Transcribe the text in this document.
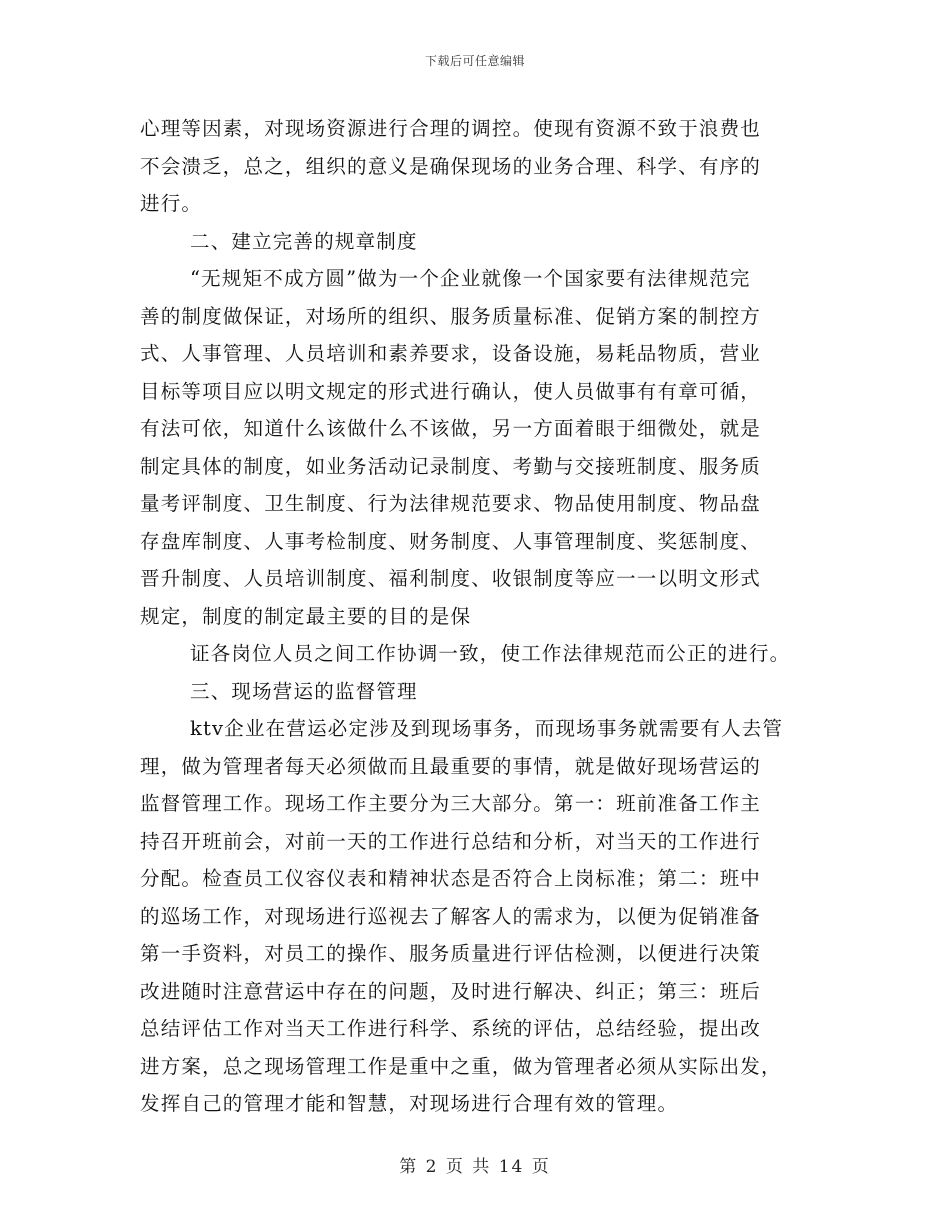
下载后可任意编辑
心理等因素，对现场资源进行合理的调控。使现有资源不致于浪费也
不会溃乏，总之，组织的意义是确保现场的业务合理、科学、有序的
进行。
二、建立完善的规章制度
“无规矩不成方圆”做为一个企业就像一个国家要有法律规范完
善的制度做保证，对场所的组织、服务质量标准、促销方案的制控方
式、人事管理、人员培训和素养要求，设备设施，易耗品物质，营业
目标等项目应以明文规定的形式进行确认，使人员做事有有章可循，
有法可依，知道什么该做什么不该做，另一方面着眼于细微处，就是
制定具体的制度，如业务活动记录制度、考勤与交接班制度、服务质
量考评制度、卫生制度、行为法律规范要求、物品使用制度、物品盘
存盘库制度、人事考检制度、财务制度、人事管理制度、奖惩制度、
晋升制度、人员培训制度、福利制度、收银制度等应一一以明文形式
规定，制度的制定最主要的目的是保
证各岗位人员之间工作协调一致，使工作法律规范而公正的进行。
三、现场营运的监督管理
ktv企业在营运必定涉及到现场事务，而现场事务就需要有人去管
理，做为管理者每天必须做而且最重要的事情，就是做好现场营运的
监督管理工作。现场工作主要分为三大部分。第一：班前准备工作主
持召开班前会，对前一天的工作进行总结和分析，对当天的工作进行
分配。检查员工仪容仪表和精神状态是否符合上岗标准；第二：班中
的巡场工作，对现场进行巡视去了解客人的需求为，以便为促销准备
第一手资料，对员工的操作、服务质量进行评估检测，以便进行决策
改进随时注意营运中存在的问题，及时进行解决、纠正；第三：班后
总结评估工作对当天工作进行科学、系统的评估，总结经验，提出改
进方案，总之现场管理工作是重中之重，做为管理者必须从实际出发，
发挥自己的管理才能和智慧，对现场进行合理有效的管理。
第 2 页 共 14 页
